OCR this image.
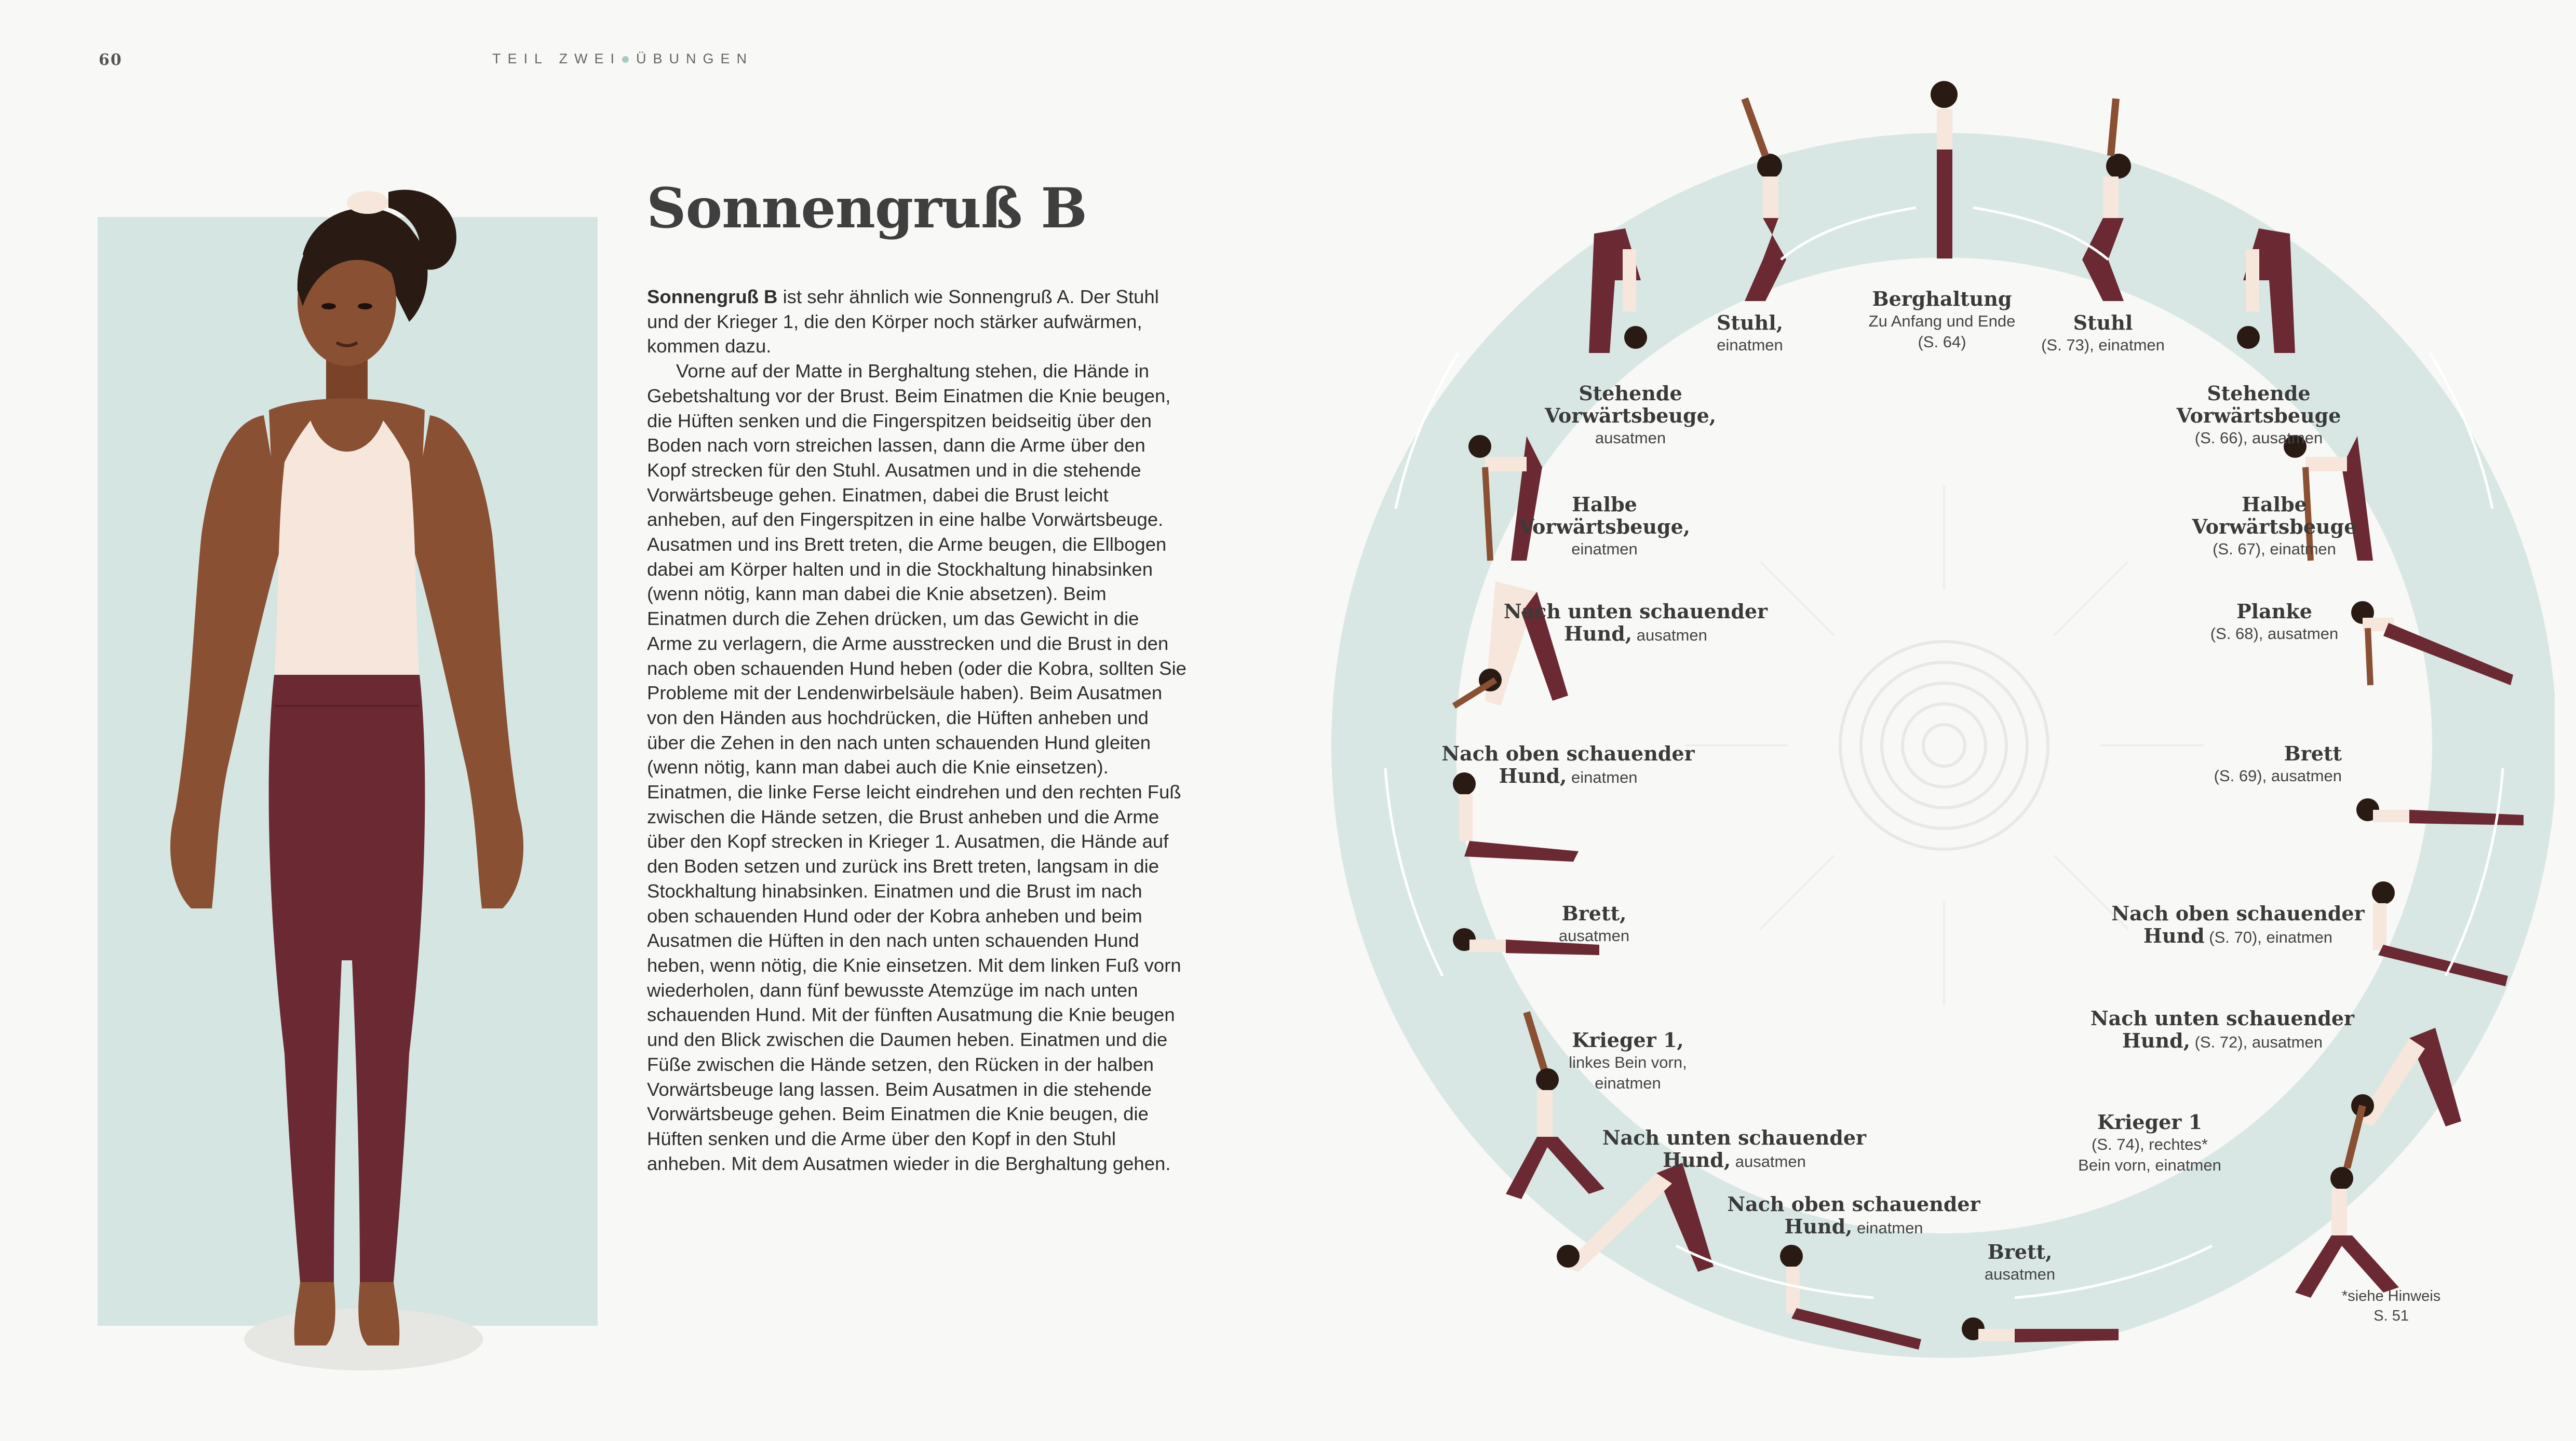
60	TEIL ZWEI ÜBUNGEN
Sonnengruß B

Sonnengruß B ist sehr ähnlich wie Sonnengruß A. Der Stuhl und der Krieger 1, die den Körper noch stärker aufwärmen, kommen dazu.

Vorne auf der Matte in Berghaltung stehen, die Hände in Gebetshaltung vor der Brust. Beim Einatmen die Knie beugen, die Hüften senken und die Fingerspitzen beidseitig über den Boden nach vorn streichen lassen, dann die Arme über den Kopf strecken für den Stuhl. Ausatmen und in die stehende Vorwärtsbeuge gehen. Einatmen, dabei die Brust leicht anheben, auf den Fingerspitzen in eine halbe Vorwärtsbeuge. Ausatmen und ins Brett treten, die Arme beugen, die Ellbogen dabei am Körper halten und in die Stockhaltung hinabsinken (wenn nötig, kann man dabei die Knie absetzen). Beim Einatmen durch die Zehen drücken, um das Gewicht in die Arme zu verlagern, die Arme ausstrecken und die Brust in den nach oben schauenden Hund heben (oder die Kobra, sollten Sie Probleme mit der Lendenwirbelsäule haben). Beim Ausatmen von den Händen aus hochdrücken, die Hüften anheben und über die Zehen in den nach unten schauenden Hund gleiten (wenn nötig, kann man dabei auch die Knie einsetzen). Einatmen, die linke Ferse leicht eindrehen und den rechten Fuß zwischen die Hände setzen, die Brust anheben und die Arme über den Kopf strecken in Krieger 1. Ausatmen, die Hände auf den Boden setzen und zurück ins Brett treten, langsam in die Stockhaltung hinabsinken. Einatmen und die Brust im nach oben schauenden Hund oder der Kobra anheben und beim Ausatmen die Hüften in den nach unten schauenden Hund heben, wenn nötig, die Knie einsetzen. Mit dem linken Fuß vorn wiederholen, dann fünf bewusste Atemzüge im nach unten schauenden Hund. Mit der fünften Ausatmung die Knie beugen und den Blick zwischen die Daumen heben. Einatmen und die Füße zwischen die Hände setzen, den Rücken in der halben Vorwärtsbeuge lang lassen. Beim Ausatmen in die stehende Vorwärtsbeuge gehen. Beim Einatmen die Knie beugen, die Hüften senken und die Arme über den Kopf in den Stuhl anheben. Mit dem Ausatmen wieder in die Berghaltung gehen.

Berghaltung
Zu Anfang und Ende
(S. 64)
Stuhl
(S. 73), einatmen
Stehende
Vorwärtsbeuge
(S. 66), ausatmen
Halbe
Vorwärtsbeuge
(S. 67), einatmen
Planke
(S. 68), ausatmen
Brett
(S. 69), ausatmen
Nach oben schauender
Hund (S. 70), einatmen
Nach unten schauender
Hund, (S. 72), ausatmen
Krieger 1
(S. 74), rechtes*
Bein vorn, einatmen
Stuhl,
einatmen
Stehende
Vorwärtsbeuge,
ausatmen
Halbe
Vorwärtsbeuge,
einatmen
Nach unten schauender
Hund, ausatmen
Nach oben schauender
Hund, einatmen
Brett,
ausatmen
Krieger 1,
linkes Bein vorn,
einatmen
Nach unten schauender
Hund, ausatmen
Nach oben schauender
Hund, einatmen
Brett,
ausatmen
*siehe Hinweis
S. 51
